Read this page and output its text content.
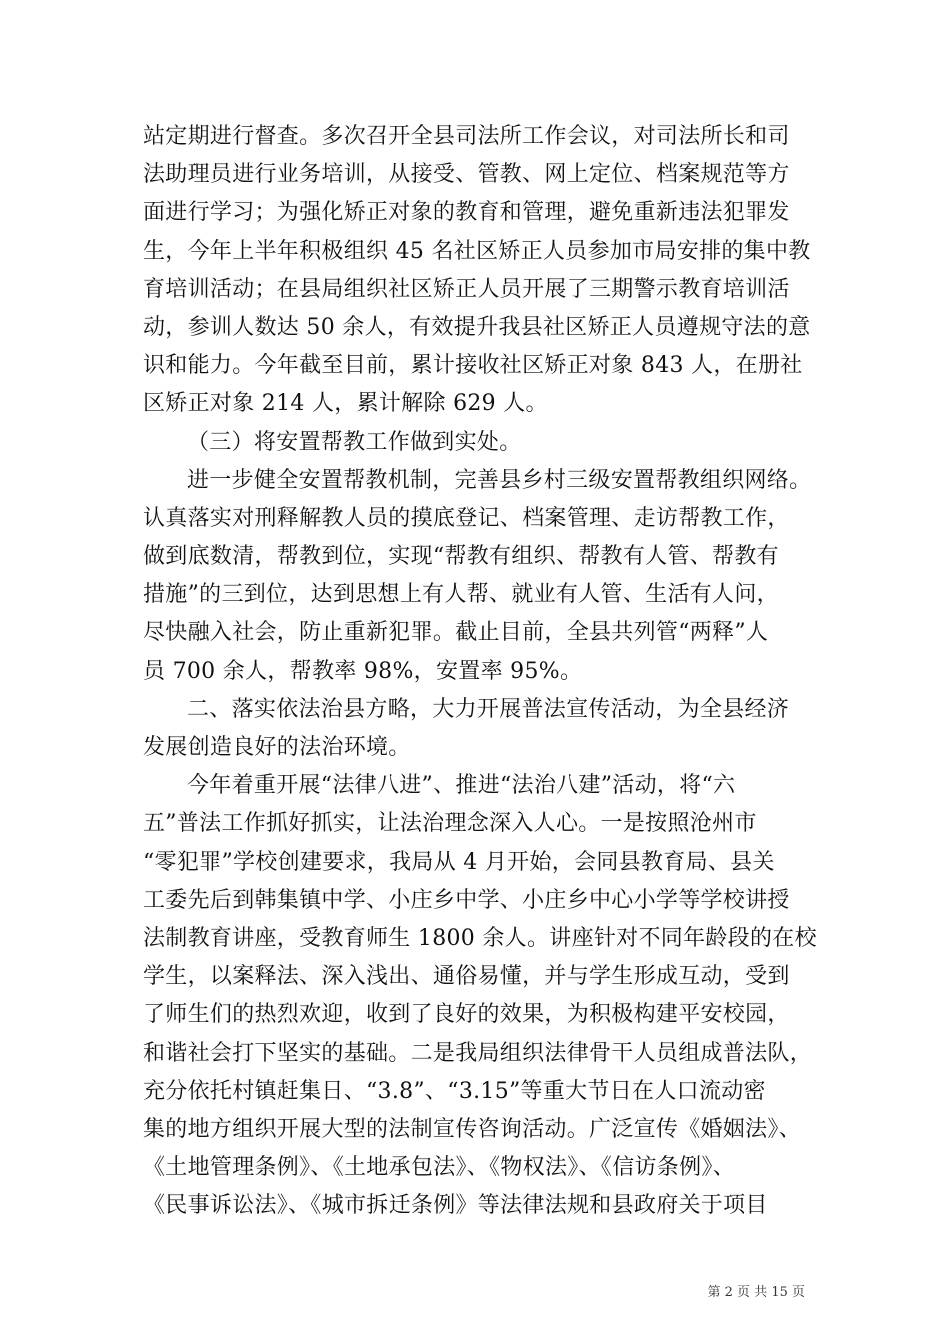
站定期进行督查。多次召开全县司法所工作会议，对司法所长和司
法助理员进行业务培训，从接受、管教、网上定位、档案规范等方
面进行学习；为强化矫正对象的教育和管理，避免重新违法犯罪发
生，今年上半年积极组织 45 名社区矫正人员参加市局安排的集中教
育培训活动；在县局组织社区矫正人员开展了三期警示教育培训活
动，参训人数达 50 余人，有效提升我县社区矫正人员遵规守法的意
识和能力。今年截至目前，累计接收社区矫正对象 843 人，在册社
区矫正对象 214 人，累计解除 629 人。
（三）将安置帮教工作做到实处。
进一步健全安置帮教机制，完善县乡村三级安置帮教组织网络。
认真落实对刑释解教人员的摸底登记、档案管理、走访帮教工作，
做到底数清，帮教到位，实现“帮教有组织、帮教有人管、帮教有
措施”的三到位，达到思想上有人帮、就业有人管、生活有人问，
尽快融入社会，防止重新犯罪。截止目前，全县共列管“两释”人
员 700 余人，帮教率 98%，安置率 95%。
二、落实依法治县方略，大力开展普法宣传活动，为全县经济
发展创造良好的法治环境。
今年着重开展“法律八进”、推进“法治八建”活动，将“六
五”普法工作抓好抓实，让法治理念深入人心。一是按照沧州市
“零犯罪”学校创建要求，我局从 4 月开始，会同县教育局、县关
工委先后到韩集镇中学、小庄乡中学、小庄乡中心小学等学校讲授
法制教育讲座，受教育师生 1800 余人。讲座针对不同年龄段的在校
学生，以案释法、深入浅出、通俗易懂，并与学生形成互动，受到
了师生们的热烈欢迎，收到了良好的效果，为积极构建平安校园，
和谐社会打下坚实的基础。二是我局组织法律骨干人员组成普法队，
充分依托村镇赶集日、“3.8”、“3.15”等重大节日在人口流动密
集的地方组织开展大型的法制宣传咨询活动。广泛宣传《婚姻法》、
《土地管理条例》、《土地承包法》、《物权法》、《信访条例》、
《民事诉讼法》、《城市拆迁条例》等法律法规和县政府关于项目
第 2 页 共 15 页
